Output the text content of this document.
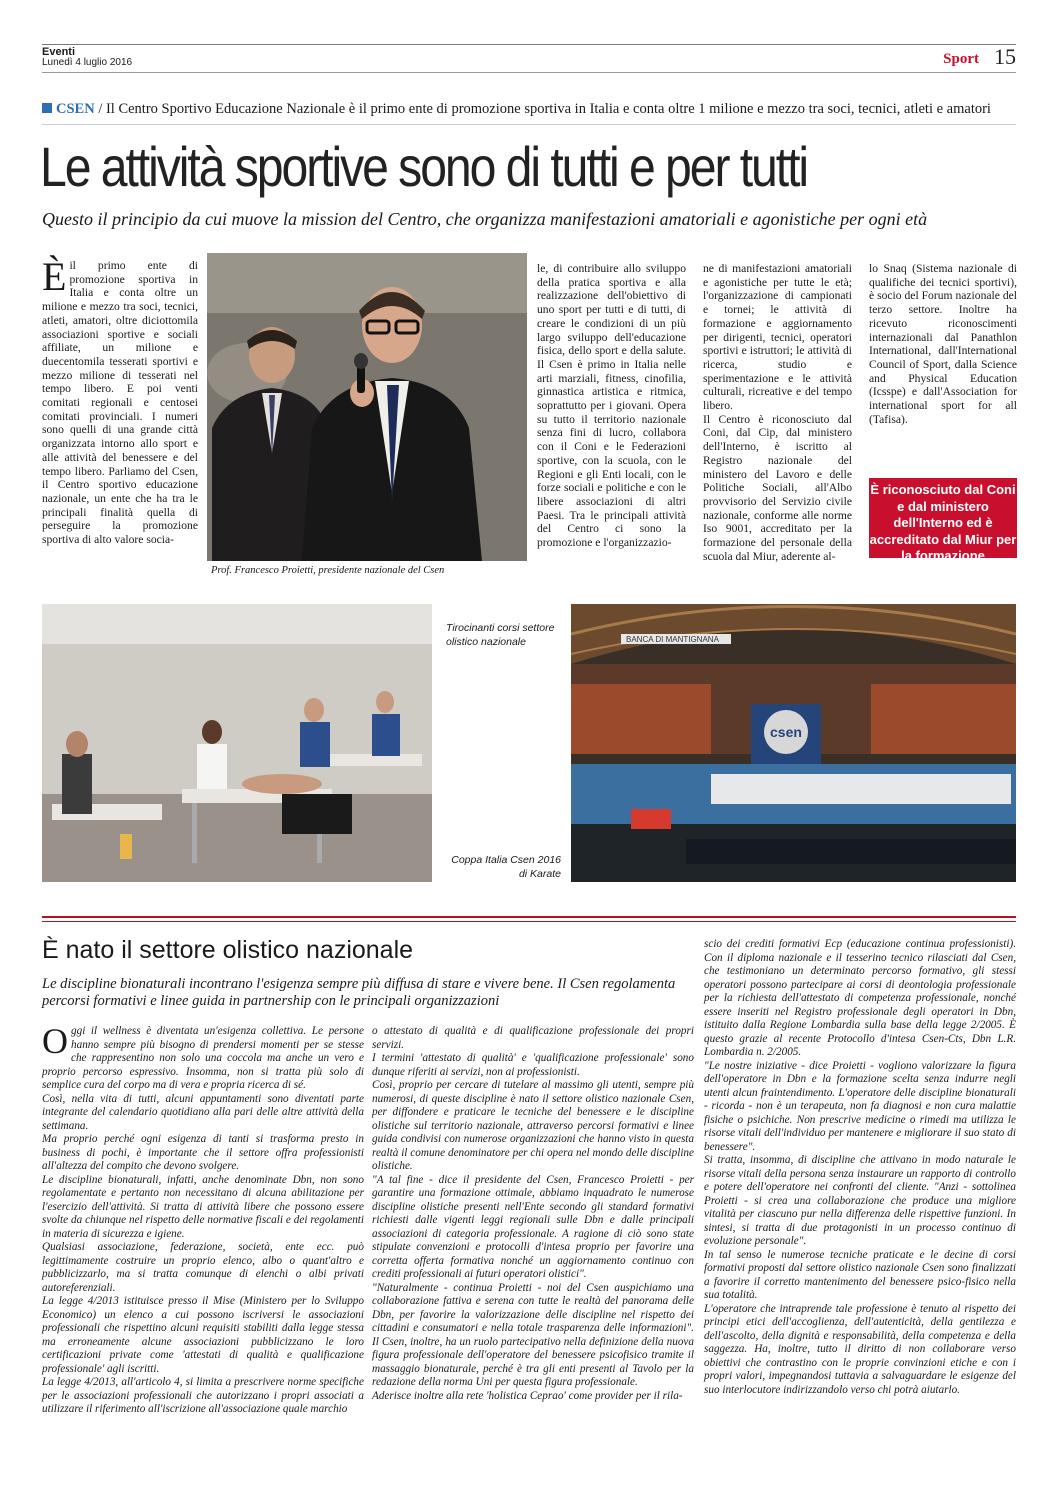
Eventi
Lunedì 4 luglio 2016	Sport 15
CSEN / Il Centro Sportivo Educazione Nazionale è il primo ente di promozione sportiva in Italia e conta oltre 1 milione e mezzo tra soci, tecnici, atleti e amatori
Le attività sportive sono di tutti e per tutti
Questo il principio da cui muove la mission del Centro, che organizza manifestazioni amatoriali e agonistiche per ogni età
Èil primo ente di promozione sportiva in Italia e conta oltre un milione e mezzo tra soci, tecnici, atleti, amatori, oltre diciottomila associazioni sportive e sociali affiliate, un milione e duecentomila tesserati sportivi e mezzo milione di tesserati nel tempo libero. E poi venti comitati regionali e centosei comitati provinciali. I numeri sono quelli di una grande città organizzata intorno allo sport e alle attività del benessere e del tempo libero. Parliamo del Csen, il Centro sportivo educazione nazionale, un ente che ha tra le principali finalità quella di perseguire la promozione sportiva di alto valore socia-
Prof. Francesco Proietti, presidente nazionale del Csen
le, di contribuire allo sviluppo della pratica sportiva e alla realizzazione dell'obiettivo di uno sport per tutti e di tutti, di creare le condizioni di un più largo sviluppo dell'educazione fisica, dello sport e della salute. Il Csen è primo in Italia nelle arti marziali, fitness, cinofilia, ginnastica artistica e ritmica, soprattutto per i giovani. Opera su tutto il territorio nazionale senza fini di lucro, collabora con il Coni e le Federazioni sportive, con la scuola, con le Regioni e gli Enti locali, con le forze sociali e politiche e con le libere associazioni di altri Paesi. Tra le principali attività del Centro ci sono la promozione e l'organizzazio-
ne di manifestazioni amatoriali e agonistiche per tutte le età; l'organizzazione di campionati e tornei; le attività di formazione e aggiornamento per dirigenti, tecnici, operatori sportivi e istruttori; le attività di ricerca, studio e sperimentazione e le attività culturali, ricreative e del tempo libero.
Il Centro è riconosciuto dal Coni, dal Cip, dal ministero dell'Interno, è iscritto al Registro nazionale del ministero del Lavoro e delle Politiche Sociali, all'Albo provvisorio del Servizio civile nazionale, conforme alle norme Iso 9001, accreditato per la formazione del personale della scuola dal Miur, aderente al-
lo Snaq (Sistema nazionale di qualifiche dei tecnici sportivi), è socio del Forum nazionale del terzo settore. Inoltre ha ricevuto riconoscimenti internazionali dal Panathlon International, dall'International Council of Sport, dalla Science and Physical Education (Icsspe) e dall'Association for international sport for all (Tafisa).
È riconosciuto dal Coni e dal ministero dell'Interno ed è accreditato dal Miur per la formazione
Tirocinanti corsi settore olistico nazionale	BANCA DI MANTIGNANA
csen
Coppa Italia Csen 2016 di Karate
È nato il settore olistico nazionale
Le discipline bionaturali incontrano l'esigenza sempre più diffusa di stare e vivere bene. Il Csen regolamenta percorsi formativi e linee guida in partnership con le principali organizzazioni
Oggi il wellness è diventata un'esigenza collettiva. Le persone hanno sempre più bisogno di prendersi momenti per se stesse che rappresentino non solo una coccola ma anche un vero e proprio percorso espressivo. Insomma, non si tratta più solo di semplice cura del corpo ma di vera e propria ricerca di sé.
Così, nella vita di tutti, alcuni appuntamenti sono diventati parte integrante del calendario quotidiano alla pari delle altre attività della settimana.
Ma proprio perché ogni esigenza di tanti si trasforma presto in business di pochi, è importante che il settore offra professionisti all'altezza del compito che devono svolgere.
Le discipline bionaturali, infatti, anche denominate Dbn, non sono regolamentate e pertanto non necessitano di alcuna abilitazione per l'esercizio dell'attività. Si tratta di attività libere che possono essere svolte da chiunque nel rispetto delle normative fiscali e dei regolamenti in materia di sicurezza e igiene.
Qualsiasi associazione, federazione, società, ente ecc. può legittimamente costruire un proprio elenco, albo o quant'altro e pubblicizzarlo, ma si tratta comunque di elenchi o albi privati autoreferenziali.
La legge 4/2013 istituisce presso il Mise (Ministero per lo Sviluppo Economico) un elenco a cui possono iscriversi le associazioni professionali che rispettino alcuni requisiti stabiliti dalla legge stessa ma erroneamente alcune associazioni pubblicizzano le loro certificazioni private come 'attestati di qualità e qualificazione professionale' agli iscritti.
La legge 4/2013, all'articolo 4, si limita a prescrivere norme specifiche per le associazioni professionali che autorizzano i propri associati a utilizzare il riferimento all'iscrizione all'associazione quale marchio
o attestato di qualità e di qualificazione professionale dei propri servizi.
I termini 'attestato di qualità' e 'qualificazione professionale' sono dunque riferiti ai servizi, non ai professionisti.
Così, proprio per cercare di tutelare al massimo gli utenti, sempre più numerosi, di queste discipline è nato il settore olistico nazionale Csen, per diffondere e praticare le tecniche del benessere e le discipline olistiche sul territorio nazionale, attraverso percorsi formativi e linee guida condivisi con numerose organizzazioni che hanno visto in questa realtà il comune denominatore per chi opera nel mondo delle discipline olistiche.
"A tal fine - dice il presidente del Csen, Francesco Proietti - per garantire una formazione ottimale, abbiamo inquadrato le numerose discipline olistiche presenti nell'Ente secondo gli standard formativi richiesti dalle vigenti leggi regionali sulle Dbn e dalle principali associazioni di categoria professionale. A ragione di ciò sono state stipulate convenzioni e protocolli d'intesa proprio per favorire una corretta offerta formativa nonché un aggiornamento continuo con crediti professionali ai futuri operatori olistici".
"Naturalmente - continua Proietti - noi del Csen auspichiamo una collaborazione fattiva e serena con tutte le realtà del panorama delle Dbn, per favorire la valorizzazione delle discipline nel rispetto dei cittadini e consumatori e nella totale trasparenza delle informazioni". Il Csen, inoltre, ha un ruolo partecipativo nella definizione della nuova figura professionale dell'operatore del benessere psicofisico tramite il massaggio bionaturale, perché è tra gli enti presenti al Tavolo per la redazione della norma Uni per questa figura professionale.
Aderisce inoltre alla rete 'holistica Ceprao' come provider per il rila-
scio dei crediti formativi Ecp (educazione continua professionisti). Con il diploma nazionale e il tesserino tecnico rilasciati dal Csen, che testimoniano un determinato percorso formativo, gli stessi operatori possono partecipare ai corsi di deontologia professionale per la richiesta dell'attestato di competenza professionale, nonché essere inseriti nel Registro professionale degli operatori in Dbn, istituito dalla Regione Lombardia sulla base della legge 2/2005. È questo grazie al recente Protocollo d'intesa Csen-Cts, Dbn L.R. Lombardia n. 2/2005.
"Le nostre iniziative - dice Proietti - vogliono valorizzare la figura dell'operatore in Dbn e la formazione scelta senza indurre negli utenti alcun fraintendimento. L'operatore delle discipline bionaturali - ricorda - non è un terapeuta, non fa diagnosi e non cura malattie fisiche o psichiche. Non prescrive medicine o rimedi ma utilizza le risorse vitali dell'individuo per mantenere e migliorare il suo stato di benessere".
Si tratta, insomma, di discipline che attivano in modo naturale le risorse vitali della persona senza instaurare un rapporto di controllo e potere dell'operatore nei confronti del cliente. "Anzi - sottolinea Proietti - si crea una collaborazione che produce una migliore vitalità per ciascuno pur nella differenza delle rispettive funzioni. In sintesi, si tratta di due protagonisti in un processo continuo di evoluzione personale".
In tal senso le numerose tecniche praticate e le decine di corsi formativi proposti dal settore olistico nazionale Csen sono finalizzati a favorire il corretto mantenimento del benessere psico-fisico nella sua totalità.
L'operatore che intraprende tale professione è tenuto al rispetto dei principi etici dell'accoglienza, dell'autenticità, della gentilezza e dell'ascolto, della dignità e responsabilità, della competenza e della saggezza. Ha, inoltre, tutto il diritto di non collaborare verso obiettivi che contrastino con le proprie convinzioni etiche e con i propri valori, impegnandosi tuttavia a salvaguardare le esigenze del suo interlocutore indirizzandolo verso chi potrà aiutarlo.
